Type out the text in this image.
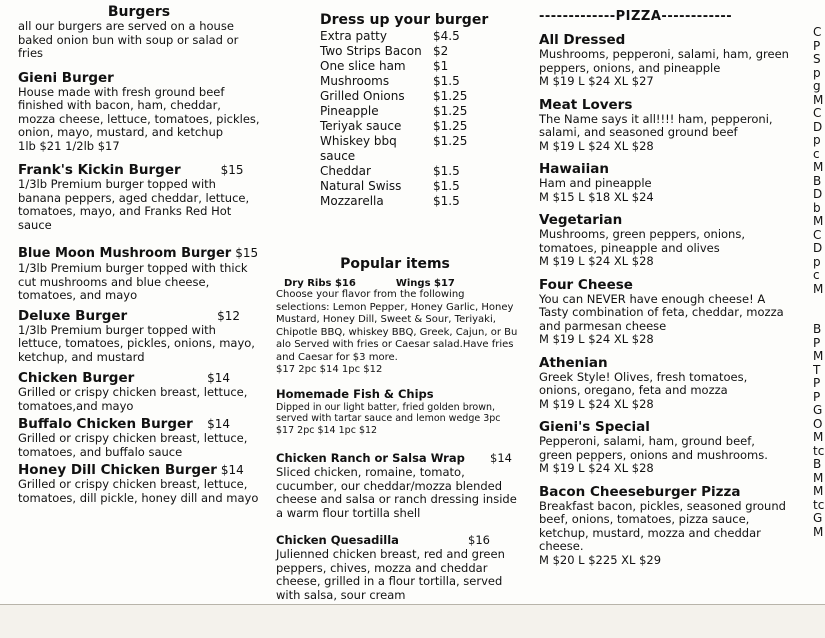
Burgers
all our burgers are served on a house baked onion bun with soup or salad or fries
Gieni Burger
House made with fresh ground beef finished with bacon, ham, cheddar, mozza cheese, lettuce, tomatoes, pickles, onion, mayo, mustard, and ketchup
1lb $21 1/2lb $17
Frank's Kickin Burger	$15
1/3lb Premium burger topped with banana peppers, aged cheddar, lettuce, tomatoes, mayo, and Franks Red Hot sauce
Blue Moon Mushroom Burger $15
1/3lb Premium burger topped with thick cut mushrooms and blue cheese, tomatoes, and mayo
Deluxe Burger	$12
1/3lb Premium burger topped with lettuce, tomatoes, pickles, onions, mayo, ketchup, and mustard
Chicken Burger	$14
Grilled or crispy chicken breast, lettuce, tomatoes,and mayo
Buffalo Chicken Burger $14
Grilled or crispy chicken breast, lettuce, tomatoes, and buffalo sauce
Honey Dill Chicken Burger $14
Grilled or crispy chicken breast, lettuce, tomatoes, dill pickle, honey dill and mayo
Dress up your burger
Extra patty	$4.5
Two Strips Bacon $2
One slice ham	$1
Mushrooms	$1.5
Grilled Onions	$1.25
Pineapple	$1.25
Teriyak sauce	$1.25
Whiskey bbq sauce
$1.25
Cheddar	$1.5
Natural Swiss	$1.5
Mozzarella	$1.5
Popular items
Dry Ribs $16	Wings $17
Choose your flavor from the following selections: Lemon Pepper, Honey Garlic, Honey Mustard, Honey Dill, Sweet & Sour, Teriyaki, Chipotle BBQ, whiskey BBQ, Greek, Cajun, or Bu alo Served with fries or Caesar salad.Have fries and Caesar for $3 more.
$17 2pc $14 1pc $12
Homemade Fish & Chips
Dipped in our light batter, fried golden brown, served with tartar sauce and lemon wedge 3pc $17 2pc $14 1pc $12
Chicken Ranch or Salsa Wrap $14
Sliced chicken, romaine, tomato, cucumber, our cheddar/mozza blended cheese and salsa or ranch dressing inside a warm flour tortilla shell
Chicken Quesadilla	$16
Julienned chicken breast, red and green peppers, chives, mozza and cheddar cheese, grilled in a flour tortilla, served with salsa, sour cream
-------------PIZZA------------
All Dressed
Mushrooms, pepperoni, salami, ham, green peppers, onions, and pineapple
M $19 L $24 XL $27
Meat Lovers
The Name says it all!!!! ham, pepperoni, salami, and seasoned ground beef
M $19 L $24 XL $28
Hawaiian
Ham and pineapple
M $15 L $18 XL $24
Vegetarian
Mushrooms, green peppers, onions, tomatoes, pineapple and olives
M $19 L $24 XL $28
Four Cheese
You can NEVER have enough cheese! A Tasty combination of feta, cheddar, mozza and parmesan cheese
M $19 L $24 XL $28
Athenian
Greek Style! Olives, fresh tomatoes, onions, oregano, feta and mozza
M $19 L $24 XL $28
Gieni's Special
Pepperoni, salami, ham, ground beef, green peppers, onions and mushrooms.
M $19 L $24 XL $28
Bacon Cheeseburger Pizza
Breakfast bacon, pickles, seasoned ground beef, onions, tomatoes, pizza sauce, ketchup, mustard, mozza and cheddar cheese.
M $20 L $225 XL $29
C
P
S
p
g
M
C
D
p
c
M
B
D
b
M
C
D
p
c
M

B
P
M
T
P
P
G
O
M
tc
B
M
M
tc
G
M
